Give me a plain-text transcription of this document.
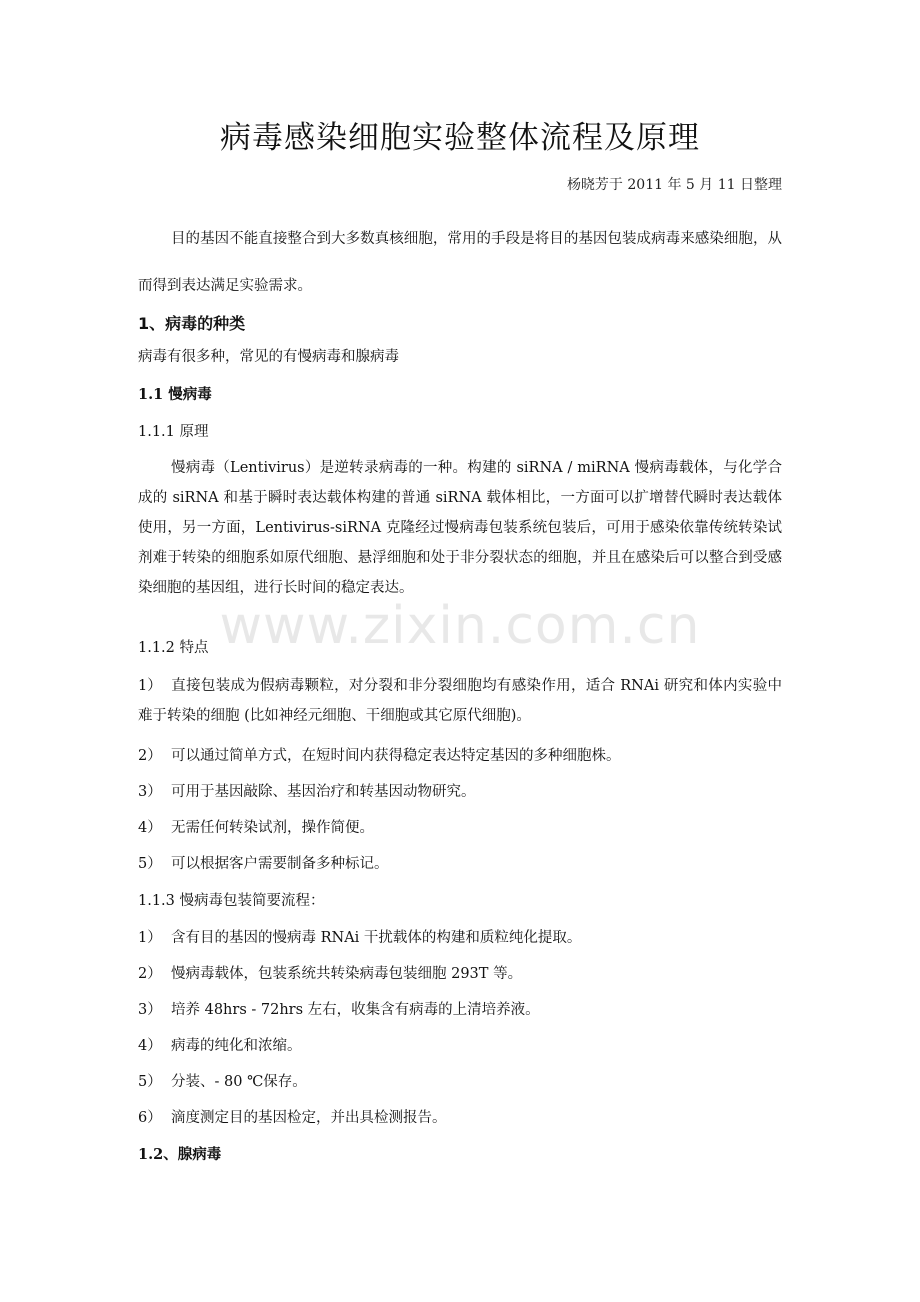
病毒感染细胞实验整体流程及原理
杨晓芳于 2011 年 5 月 11 日整理
目的基因不能直接整合到大多数真核细胞，常用的手段是将目的基因包装成病毒来感染细胞，从而得到表达满足实验需求。
1、病毒的种类
病毒有很多种，常见的有慢病毒和腺病毒
1.1 慢病毒
1.1.1 原理
慢病毒（Lentivirus）是逆转录病毒的一种。构建的 siRNA / miRNA 慢病毒载体，与化学合成的 siRNA 和基于瞬时表达载体构建的普通 siRNA 载体相比，一方面可以扩增替代瞬时表达载体使用，另一方面，Lentivirus-siRNA 克隆经过慢病毒包装系统包装后，可用于感染依靠传统转染试剂难于转染的细胞系如原代细胞、悬浮细胞和处于非分裂状态的细胞，并且在感染后可以整合到受感染细胞的基因组，进行长时间的稳定表达。
1.1.2 特点
1） 直接包装成为假病毒颗粒，对分裂和非分裂细胞均有感染作用，适合 RNAi 研究和体内实验中难于转染的细胞 (比如神经元细胞、干细胞或其它原代细胞)。
2） 可以通过简单方式，在短时间内获得稳定表达特定基因的多种细胞株。
3） 可用于基因敲除、基因治疗和转基因动物研究。
4） 无需任何转染试剂，操作简便。
5） 可以根据客户需要制备多种标记。
1.1.3 慢病毒包装简要流程：
1） 含有目的基因的慢病毒 RNAi 干扰载体的构建和质粒纯化提取。
2） 慢病毒载体，包装系统共转染病毒包装细胞 293T 等。
3） 培养 48hrs - 72hrs 左右，收集含有病毒的上清培养液。
4） 病毒的纯化和浓缩。
5） 分装、- 80 ℃保存。
6） 滴度测定目的基因检定，并出具检测报告。
1.2、腺病毒
www.zixin.com.cn
